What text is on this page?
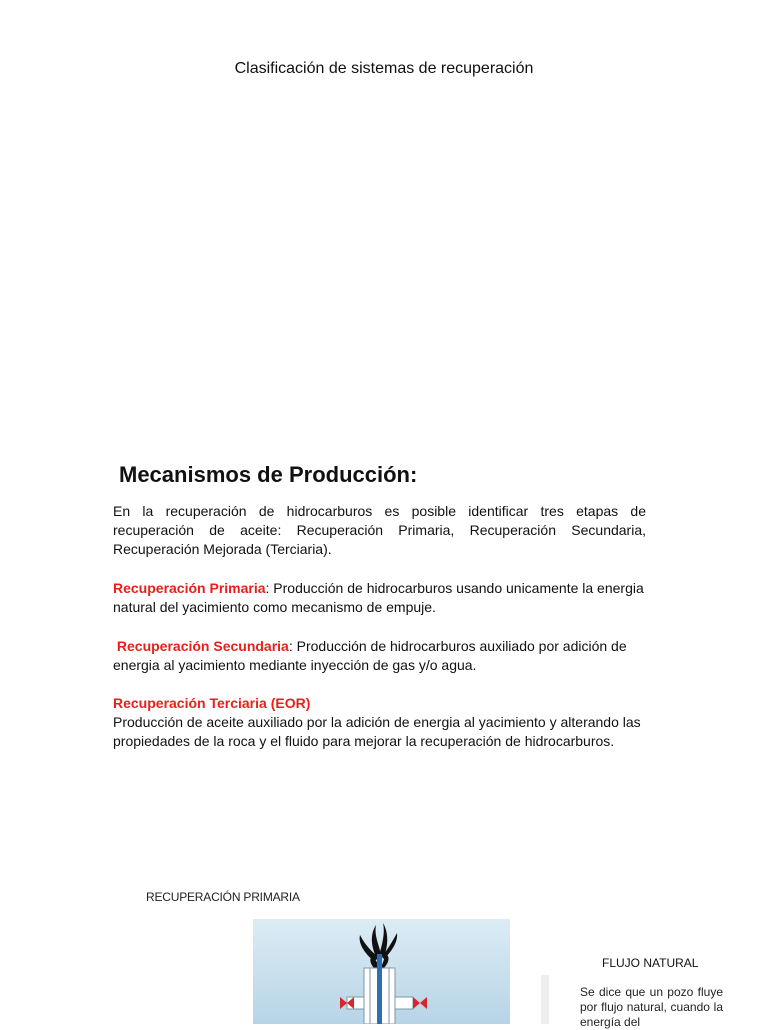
Clasificación de sistemas de recuperación
Mecanismos de Producción:
En la recuperación de hidrocarburos es posible identificar tres etapas de recuperación de aceite: Recuperación Primaria, Recuperación Secundaria, Recuperación Mejorada (Terciaria).
Recuperación Primaria: Producción de hidrocarburos usando unicamente la energia natural del yacimiento como mecanismo de empuje.
Recuperación Secundaria: Producción de hidrocarburos auxiliado por adición de energia al yacimiento mediante inyección de gas y/o agua.
Recuperación Terciaria (EOR)
Producción de aceite auxiliado por la adición de energia al yacimiento y alterando las propiedades de la roca y el fluido para mejorar la recuperación de hidrocarburos.
RECUPERACIÓN PRIMARIA
FLUJO NATURAL
Se dice que un pozo fluye por flujo natural, cuando la energía del
